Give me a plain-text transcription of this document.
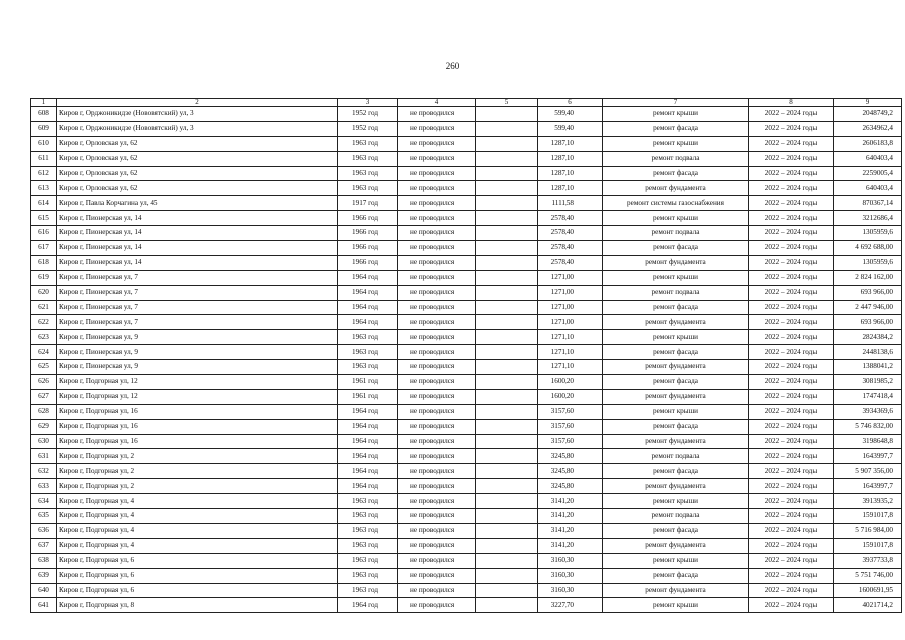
260
1	2	3	4	5	6	7	8	9
608	Киров г, Орджоникидзе (Нововятский) ул, 3	1952 год	не проводился		599,40	ремонт крыши	2022 – 2024 годы	2048749,2
609	Киров г, Орджоникидзе (Нововятский) ул, 3	1952 год	не проводился		599,40	ремонт фасада	2022 – 2024 годы	2634962,4
610	Киров г, Орловская ул, 62	1963 год	не проводился		1287,10	ремонт крыши	2022 – 2024 годы	2606183,8
611	Киров г, Орловская ул, 62	1963 год	не проводился		1287,10	ремонт подвала	2022 – 2024 годы	640403,4
612	Киров г, Орловская ул, 62	1963 год	не проводился		1287,10	ремонт фасада	2022 – 2024 годы	2259005,4
613	Киров г, Орловская ул, 62	1963 год	не проводился		1287,10	ремонт фундамента	2022 – 2024 годы	640403,4
614	Киров г, Павла Корчагина ул, 45	1917 год	не проводился		1111,58	ремонт системы газоснабжения	2022 – 2024 годы	870367,14
615	Киров г, Пионерская ул, 14	1966 год	не проводился		2578,40	ремонт крыши	2022 – 2024 годы	3212686,4
616	Киров г, Пионерская ул, 14	1966 год	не проводился		2578,40	ремонт подвала	2022 – 2024 годы	1305959,6
617	Киров г, Пионерская ул, 14	1966 год	не проводился		2578,40	ремонт фасада	2022 – 2024 годы	4 692 688,00
618	Киров г, Пионерская ул, 14	1966 год	не проводился		2578,40	ремонт фундамента	2022 – 2024 годы	1305959,6
619	Киров г, Пионерская ул, 7	1964 год	не проводился		1271,00	ремонт крыши	2022 – 2024 годы	2 824 162,00
620	Киров г, Пионерская ул, 7	1964 год	не проводился		1271,00	ремонт подвала	2022 – 2024 годы	693 966,00
621	Киров г, Пионерская ул, 7	1964 год	не проводился		1271,00	ремонт фасада	2022 – 2024 годы	2 447 946,00
622	Киров г, Пионерская ул, 7	1964 год	не проводился		1271,00	ремонт фундамента	2022 – 2024 годы	693 966,00
623	Киров г, Пионерская ул, 9	1963 год	не проводился		1271,10	ремонт крыши	2022 – 2024 годы	2824384,2
624	Киров г, Пионерская ул, 9	1963 год	не проводился		1271,10	ремонт фасада	2022 – 2024 годы	2448138,6
625	Киров г, Пионерская ул, 9	1963 год	не проводился		1271,10	ремонт фундамента	2022 – 2024 годы	1388041,2
626	Киров г, Подгорная ул, 12	1961 год	не проводился		1600,20	ремонт фасада	2022 – 2024 годы	3081985,2
627	Киров г, Подгорная ул, 12	1961 год	не проводился		1600,20	ремонт фундамента	2022 – 2024 годы	1747418,4
628	Киров г, Подгорная ул, 16	1964 год	не проводился		3157,60	ремонт крыши	2022 – 2024 годы	3934369,6
629	Киров г, Подгорная ул, 16	1964 год	не проводился		3157,60	ремонт фасада	2022 – 2024 годы	5 746 832,00
630	Киров г, Подгорная ул, 16	1964 год	не проводился		3157,60	ремонт фундамента	2022 – 2024 годы	3198648,8
631	Киров г, Подгорная ул, 2	1964 год	не проводился		3245,80	ремонт подвала	2022 – 2024 годы	1643997,7
632	Киров г, Подгорная ул, 2	1964 год	не проводился		3245,80	ремонт фасада	2022 – 2024 годы	5 907 356,00
633	Киров г, Подгорная ул, 2	1964 год	не проводился		3245,80	ремонт фундамента	2022 – 2024 годы	1643997,7
634	Киров г, Подгорная ул, 4	1963 год	не проводился		3141,20	ремонт крыши	2022 – 2024 годы	3913935,2
635	Киров г, Подгорная ул, 4	1963 год	не проводился		3141,20	ремонт подвала	2022 – 2024 годы	1591017,8
636	Киров г, Подгорная ул, 4	1963 год	не проводился		3141,20	ремонт фасада	2022 – 2024 годы	5 716 984,00
637	Киров г, Подгорная ул, 4	1963 год	не проводился		3141,20	ремонт фундамента	2022 – 2024 годы	1591017,8
638	Киров г, Подгорная ул, 6	1963 год	не проводился		3160,30	ремонт крыши	2022 – 2024 годы	3937733,8
639	Киров г, Подгорная ул, 6	1963 год	не проводился		3160,30	ремонт фасада	2022 – 2024 годы	5 751 746,00
640	Киров г, Подгорная ул, 6	1963 год	не проводился		3160,30	ремонт фундамента	2022 – 2024 годы	1600691,95
641	Киров г, Подгорная ул, 8	1964 год	не проводился		3227,70	ремонт крыши	2022 – 2024 годы	4021714,2
